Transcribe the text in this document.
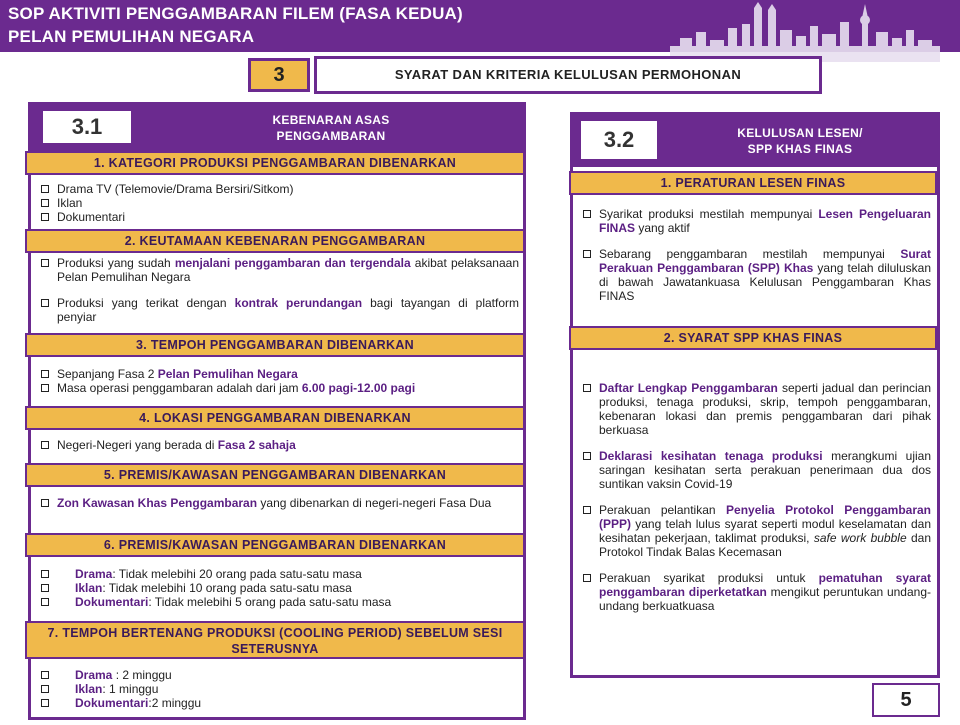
SOP AKTIVITI PENGGAMBARAN FILEM (FASA KEDUA)
PELAN PEMULIHAN NEGARA
3	SYARAT DAN KRITERIA KELULUSAN PERMOHONAN
3.1	KEBENARAN ASAS
PENGGAMBARAN
1. KATEGORI PRODUKSI PENGGAMBARAN DIBENARKAN
Drama TV (Telemovie/Drama Bersiri/Sitkom)
Iklan
Dokumentari
2. KEUTAMAAN KEBENARAN PENGGAMBARAN

Produksi yang sudah menjalani penggambaran dan tergendala akibat pelaksanaan Pelan Pemulihan Negara

Produksi yang terikat dengan kontrak perundangan bagi tayangan di platform penyiar

3. TEMPOH PENGGAMBARAN DIBENARKAN

Sepanjang Fasa 2 Pelan Pemulihan Negara

Masa operasi penggambaran adalah dari jam 6.00 pagi-12.00 pagi

4. LOKASI PENGGAMBARAN DIBENARKAN

Negeri-Negeri yang berada di Fasa 2 sahaja

5. PREMIS/KAWASAN PENGGAMBARAN DIBENARKAN

Zon Kawasan Khas Penggambaran yang dibenarkan di negeri-negeri Fasa Dua

6. PREMIS/KAWASAN PENGGAMBARAN DIBENARKAN

Drama: Tidak melebihi 20 orang pada satu-satu masa

Iklan: Tidak melebihi 10 orang pada satu-satu masa

Dokumentari: Tidak melebihi 5 orang pada satu-satu masa

7. TEMPOH BERTENANG PRODUKSI (COOLING PERIOD) SEBELUM SESI
SETERUSNYA

Drama : 2 minggu

Iklan: 1 minggu

Dokumentari:2 minggu

3.2	KELULUSAN LESEN/
SPP KHAS FINAS
1. PERATURAN LESEN FINAS

Syarikat produksi mestilah mempunyai Lesen Pengeluaran FINAS yang aktif

Sebarang penggambaran mestilah mempunyai Surat Perakuan Penggambaran (SPP) Khas yang telah diluluskan di bawah Jawatankuasa Kelulusan Penggambaran Khas FINAS

2. SYARAT SPP KHAS FINAS

Daftar Lengkap Penggambaran seperti jadual dan perincian produksi, tenaga produksi, skrip, tempoh penggambaran, kebenaran lokasi dan premis penggambaran dari pihak berkuasa

Deklarasi kesihatan tenaga produksi merangkumi ujian saringan kesihatan serta perakuan penerimaan dua dos suntikan vaksin Covid-19

Perakuan pelantikan Penyelia Protokol Penggambaran (PPP) yang telah lulus syarat seperti modul keselamatan dan kesihatan pekerjaan, taklimat produksi, safe work bubble dan Protokol Tindak Balas Kecemasan

Perakuan syarikat produksi untuk pematuhan syarat penggambaran diperketatkan mengikut peruntukan undang-undang berkuatkuasa

5
